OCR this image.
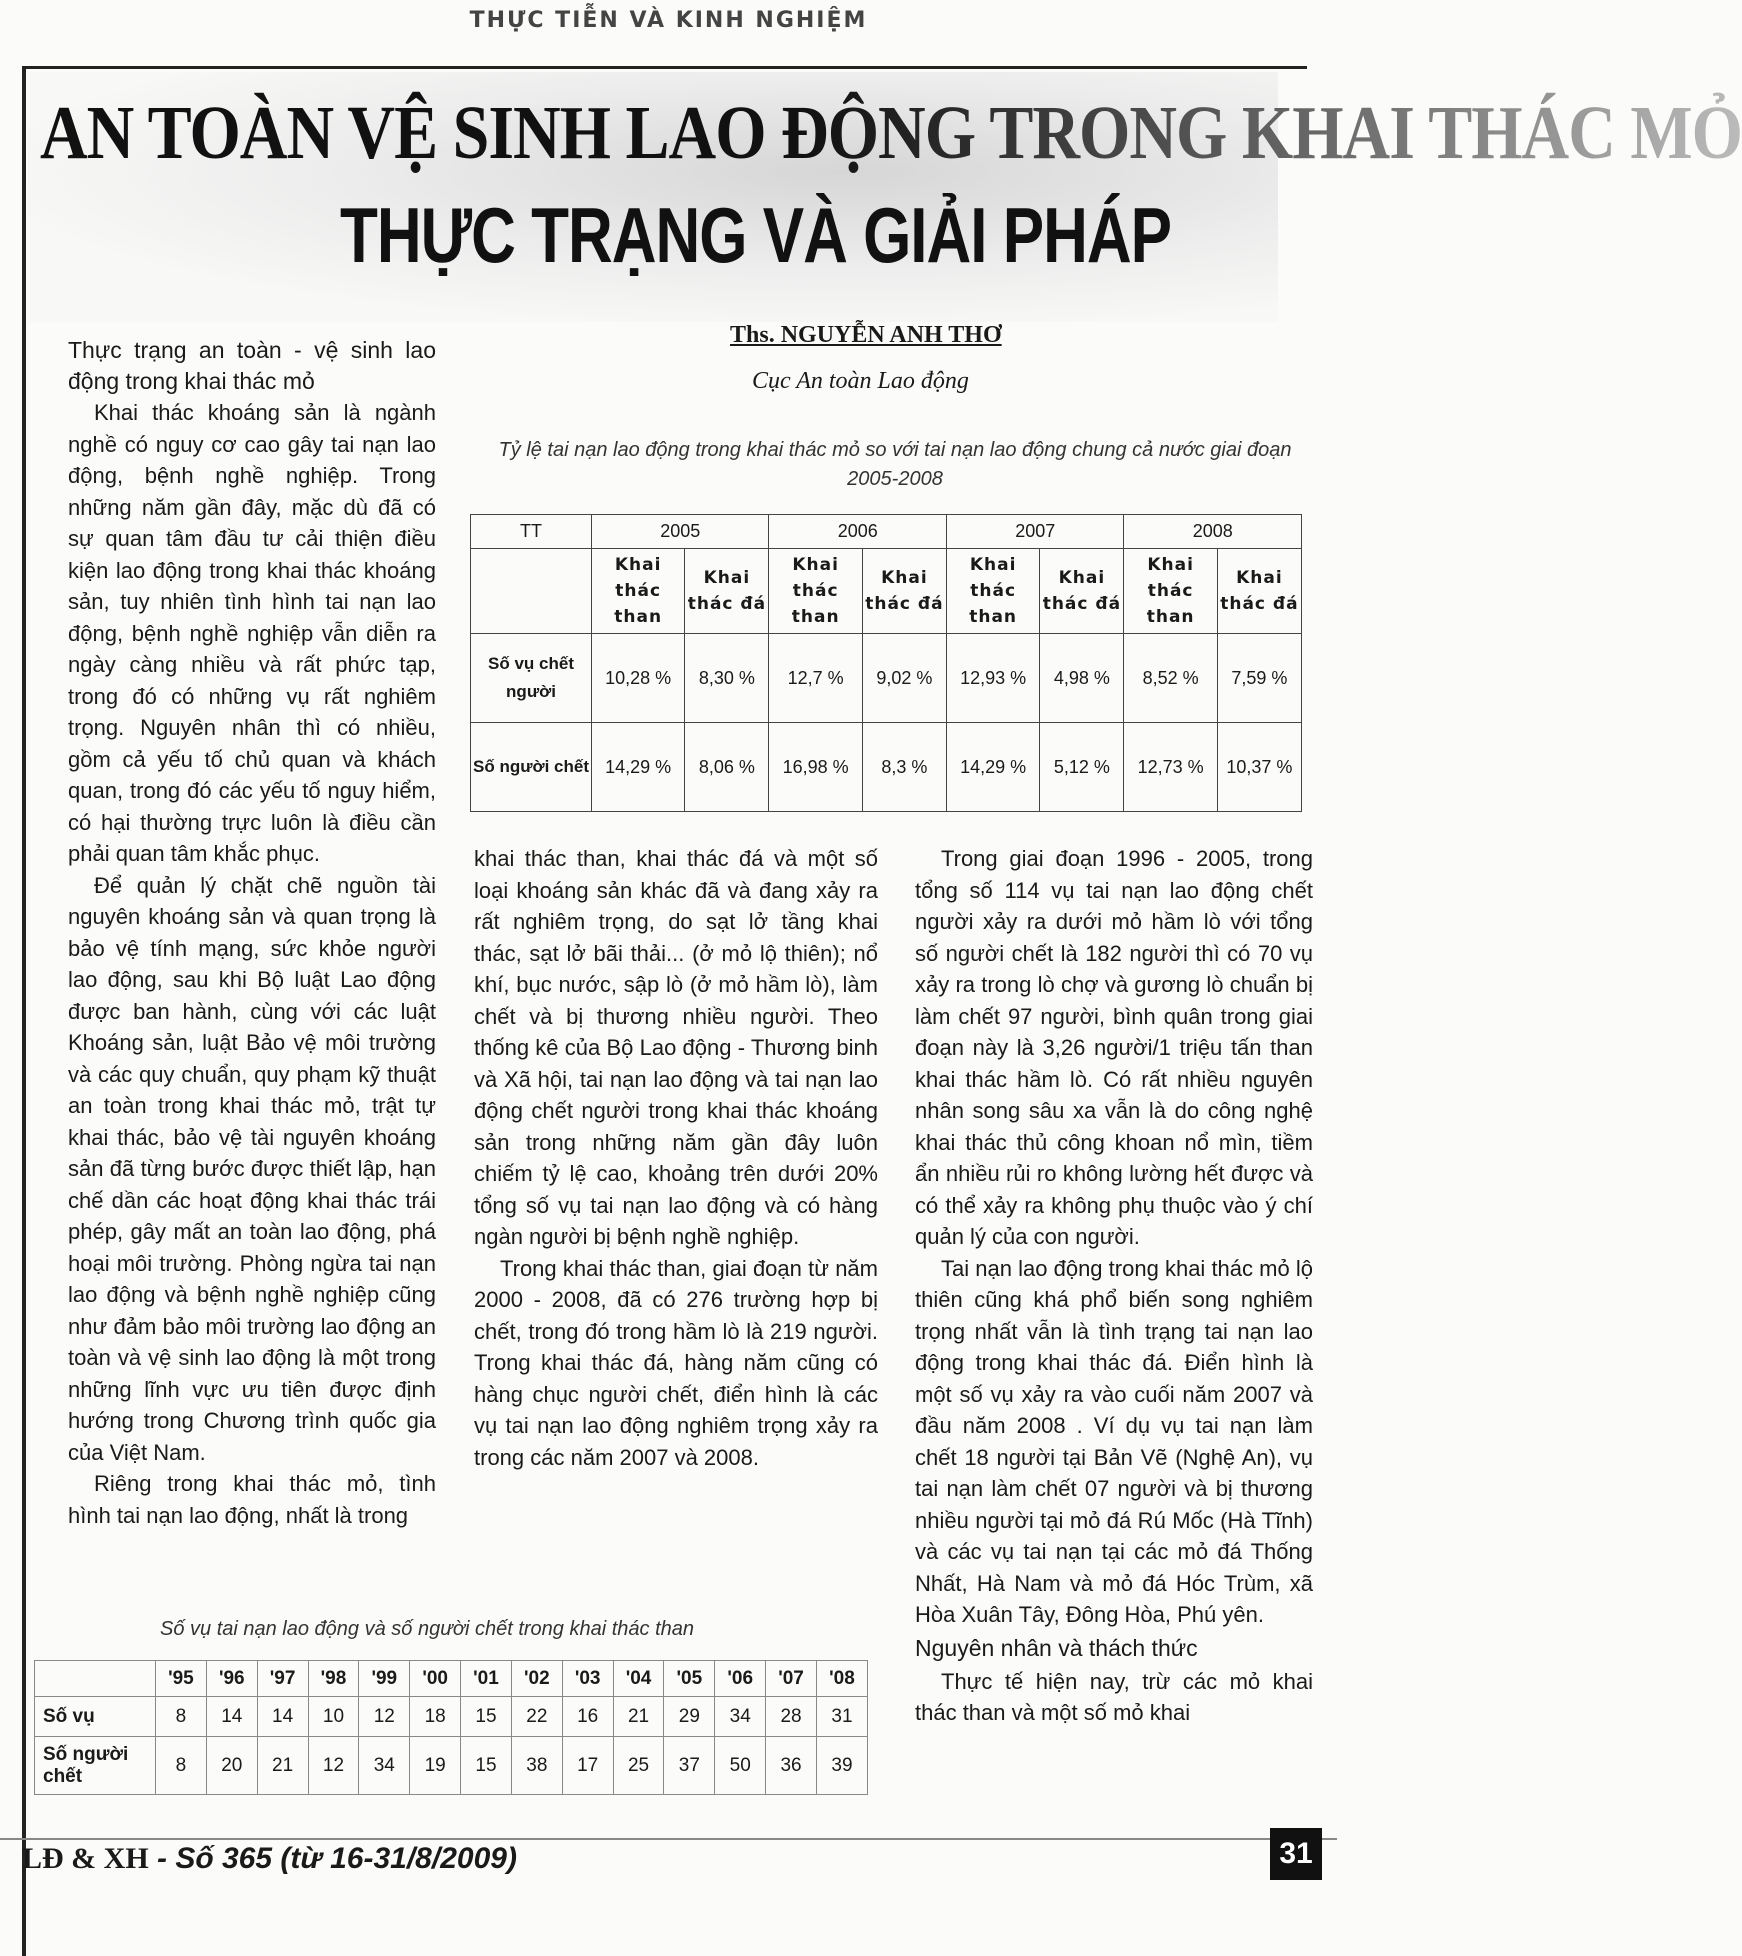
THỰC TIỄN VÀ KINH NGHIỆM
AN TOÀN VỆ SINH LAO ĐỘNG TRONG KHAI THÁC MỎ
THỰC TRẠNG VÀ GIẢI PHÁP
Ths. NGUYỄN ANH THƠ
Cục An toàn Lao động
Tỷ lệ tai nạn lao động trong khai thác mỏ so với tai nạn lao động chung cả nước giai đoạn 2005-2008
TT	2005		2006		2007		2008	
	Khai thác than	Khai thác đá	Khai thác than	Khai thác đá	Khai thác than	Khai thác đá	Khai thác than	Khai thác đá
Số vụ chết người	10,28 %	8,30 %	12,7 %	9,02 %	12,93 %	4,98 %	8,52 %	7,59 %
Số người chết	14,29 %	8,06 %	16,98 %	8,3 %	14,29 %	5,12 %	12,73 %	10,37 %

Thực trạng an toàn - vệ sinh lao động trong khai thác mỏ

Khai thác khoáng sản là ngành nghề có nguy cơ cao gây tai nạn lao động, bệnh nghề nghiệp. Trong những năm gần đây, mặc dù đã có sự quan tâm đầu tư cải thiện điều kiện lao động trong khai thác khoáng sản, tuy nhiên tình hình tai nạn lao động, bệnh nghề nghiệp vẫn diễn ra ngày càng nhiều và rất phức tạp, trong đó có những vụ rất nghiêm trọng. Nguyên nhân thì có nhiều, gồm cả yếu tố chủ quan và khách quan, trong đó các yếu tố nguy hiểm, có hại thường trực luôn là điều cần phải quan tâm khắc phục.

Để quản lý chặt chẽ nguồn tài nguyên khoáng sản và quan trọng là bảo vệ tính mạng, sức khỏe người lao động, sau khi Bộ luật Lao động được ban hành, cùng với các luật Khoáng sản, luật Bảo vệ môi trường và các quy chuẩn, quy phạm kỹ thuật an toàn trong khai thác mỏ, trật tự khai thác, bảo vệ tài nguyên khoáng sản đã từng bước được thiết lập, hạn chế dần các hoạt động khai thác trái phép, gây mất an toàn lao động, phá hoại môi trường. Phòng ngừa tai nạn lao động và bệnh nghề nghiệp cũng như đảm bảo môi trường lao động an toàn và vệ sinh lao động là một trong những lĩnh vực ưu tiên được định hướng trong Chương trình quốc gia của Việt Nam.

Riêng trong khai thác mỏ, tình hình tai nạn lao động, nhất là trong

khai thác than, khai thác đá và một số loại khoáng sản khác đã và đang xảy ra rất nghiêm trọng, do sạt lở tầng khai thác, sạt lở bãi thải... (ở mỏ lộ thiên); nổ khí, bục nước, sập lò (ở mỏ hầm lò), làm chết và bị thương nhiều người. Theo thống kê của Bộ Lao động - Thương binh và Xã hội, tai nạn lao động và tai nạn lao động chết người trong khai thác khoáng sản trong những năm gần đây luôn chiếm tỷ lệ cao, khoảng trên dưới 20% tổng số vụ tai nạn lao động và có hàng ngàn người bị bệnh nghề nghiệp.

Trong khai thác than, giai đoạn từ năm 2000 - 2008, đã có 276 trường hợp bị chết, trong đó trong hầm lò là 219 người. Trong khai thác đá, hàng năm cũng có hàng chục người chết, điển hình là các vụ tai nạn lao động nghiêm trọng xảy ra trong các năm 2007 và 2008.

Trong giai đoạn 1996 - 2005, trong tổng số 114 vụ tai nạn lao động chết người xảy ra dưới mỏ hầm lò với tổng số người chết là 182 người thì có 70 vụ xảy ra trong lò chợ và gương lò chuẩn bị làm chết 97 người, bình quân trong giai đoạn này là 3,26 người/1 triệu tấn than khai thác hầm lò. Có rất nhiều nguyên nhân song sâu xa vẫn là do công nghệ khai thác thủ công khoan nổ mìn, tiềm ẩn nhiều rủi ro không lường hết được và có thể xảy ra không phụ thuộc vào ý chí quản lý của con người.

Tai nạn lao động trong khai thác mỏ lộ thiên cũng khá phổ biến song nghiêm trọng nhất vẫn là tình trạng tai nạn lao động trong khai thác đá. Điển hình là một số vụ xảy ra vào cuối năm 2007 và đầu năm 2008 . Ví dụ vụ tai nạn làm chết 18 người tại Bản Vẽ (Nghệ An), vụ tai nạn làm chết 07 người và bị thương nhiều người tại mỏ đá Rú Mốc (Hà Tĩnh) và các vụ tai nạn tại các mỏ đá Thống Nhất, Hà Nam và mỏ đá Hóc Trùm, xã Hòa Xuân Tây, Đông Hòa, Phú yên.

Nguyên nhân và thách thức

Thực tế hiện nay, trừ các mỏ khai thác than và một số mỏ khai

Số vụ tai nạn lao động và số người chết trong khai thác than
	'95	'96	'97	'98	'99	'00	'01	'02	'03	'04	'05	'06	'07	'08
Số vụ	8	14	14	10	12	18	15	22	16	21	29	34	28	31
Số người chết	8	20	21	12	34	19	15	38	17	25	37	50	36	39
LĐ & XH - Số 365 (từ 16-31/8/2009)	31
